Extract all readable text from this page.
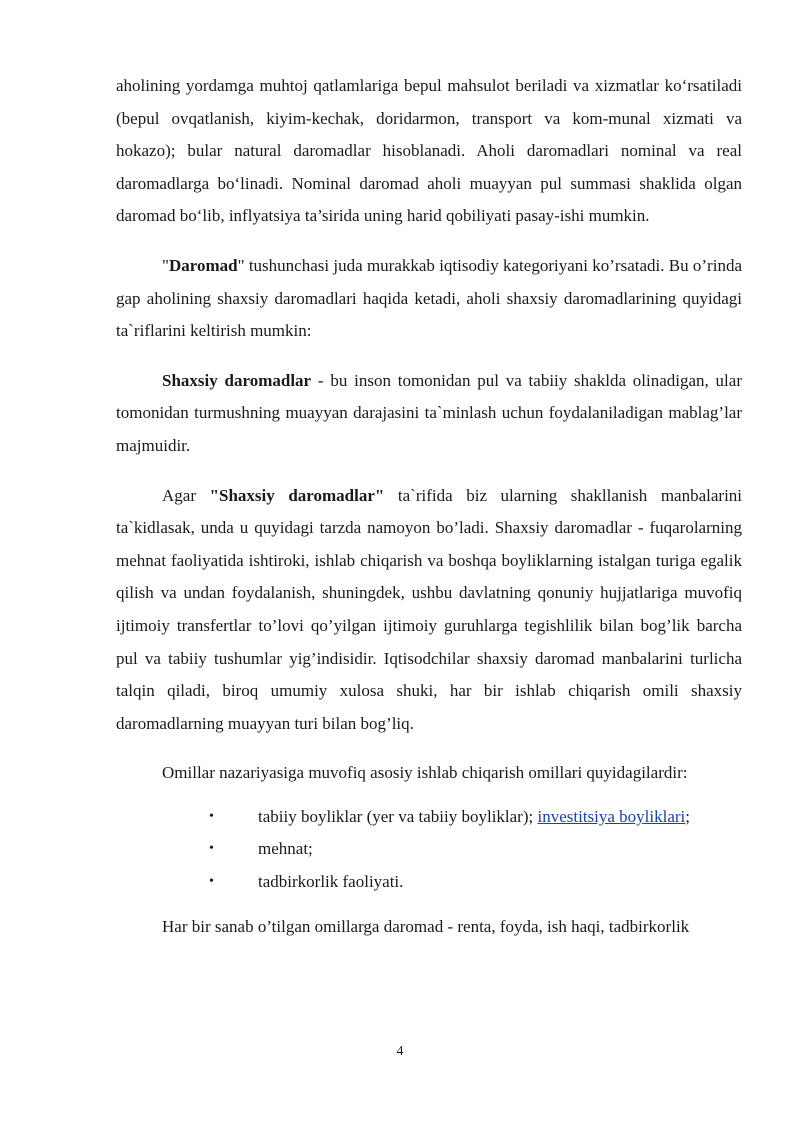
aholining yordamga muhtoj qatlamlariga bepul mahsulot beriladi va xizmatlar ko‘rsatiladi (bepul ovqatlanish, kiyim-kechak, doridarmon, transport va kom-munal xizmati va hokazo); bular natural daromadlar hisoblanadi. Aholi daromadlari nominal va real daromadlarga bo‘linadi. Nominal daromad aholi muayyan pul summasi shaklida olgan daromad bo‘lib, inflyatsiya ta’sirida uning harid qobiliyati pasay-ishi mumkin.

"Daromad" tushunchasi juda murakkab iqtisodiy kategoriyani ko’rsatadi. Bu o’rinda gap aholining shaxsiy daromadlari haqida ketadi, aholi shaxsiy daromadlarining quyidagi ta`riflarini keltirish mumkin:

Shaxsiy daromadlar - bu inson tomonidan pul va tabiiy shakldа olinadigan, ular tomonidan turmushning muayyan darajasini ta`minlash uchun foydalaniladigan mablag’lar majmuidir.

Agar "Shaxsiy daromadlar" ta`rifida biz ularning shakllanish manbalarini ta`kidlasak, unda u quyidagi tarzda namoyon bo’ladi. Shaxsiy daromadlar - fuqarolarning mehnat faoliyatida ishtiroki, ishlab chiqarish va boshqa boyliklarning istalgan turiga egalik qilish va undan foydalanish, shuningdek, ushbu davlatning qonuniy hujjatlariga muvofiq ijtimoiy transfertlar to’lovi qo’yilgan ijtimoiy guruhlarga tegishlilik bilan bog’lik barcha pul va tabiiy tushumlar yig’indisidir. Iqtisodchilar shaxsiy daromad manbalarini turlicha talqin qiladi, biroq umumiy xulosa shuki, har bir ishlab chiqarish omili shaxsiy daromadlarning muayyan turi bilan bog’liq.

Omillar nazariyasiga muvofiq asosiy ishlab chiqarish omillari quyidagilardir:

•	tabiiy boyliklar (yer va tabiiy boyliklar); investitsiya boyliklari;
•	mehnat;
•	tadbirkorlik faoliyati.

Har bir sanab o’tilgan omillarga daromad - renta, foyda, ish haqi, tadbirkorlik

4
